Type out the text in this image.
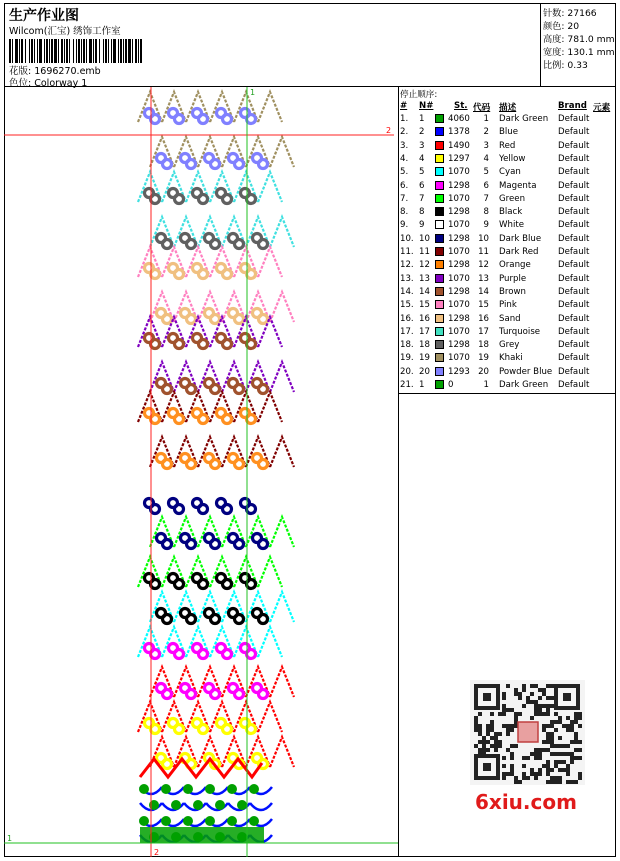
生产作业图
Wilcom(汇宝) 绣饰工作室
花版: 1696270.emb
色位: Colorway 1
针数: 27166
颜色: 20
高度: 781.0 mm
宽度: 130.1 mm
比例: 0.33
1
2
1
2
停止顺序:
# N# St. 代码 描述	Brand 元素
1. 1	4060	1 Dark Green Default
2. 2	1378	2 Blue	Default
3. 3	1490	3 Red	Default
4. 4	1297	4 Yellow	Default
5. 5	1070	5 Cyan	Default
6. 6	1298	6 Magenta Default
7. 7	1070	7 Green	Default
8. 8	1298	8 Black	Default
9. 9	1070	9 White	Default
10. 10 1298 10 Dark Blue Default
11. 11 1070 11 Dark Red Default
12. 12 1298 12 Orange	Default
13. 13 1070 13 Purple	Default
14. 14 1298 14 Brown	Default
15. 15 1070 15 Pink	Default
16. 16 1298 16 Sand	Default
17. 17 1070 17 Turquoise Default
18. 18 1298 18 Grey	Default
19. 19 1070 19 Khaki	Default
20. 20 1293 20 Powder Blue Default
21. 1	0	1 Dark Green Default
6xiu.com
